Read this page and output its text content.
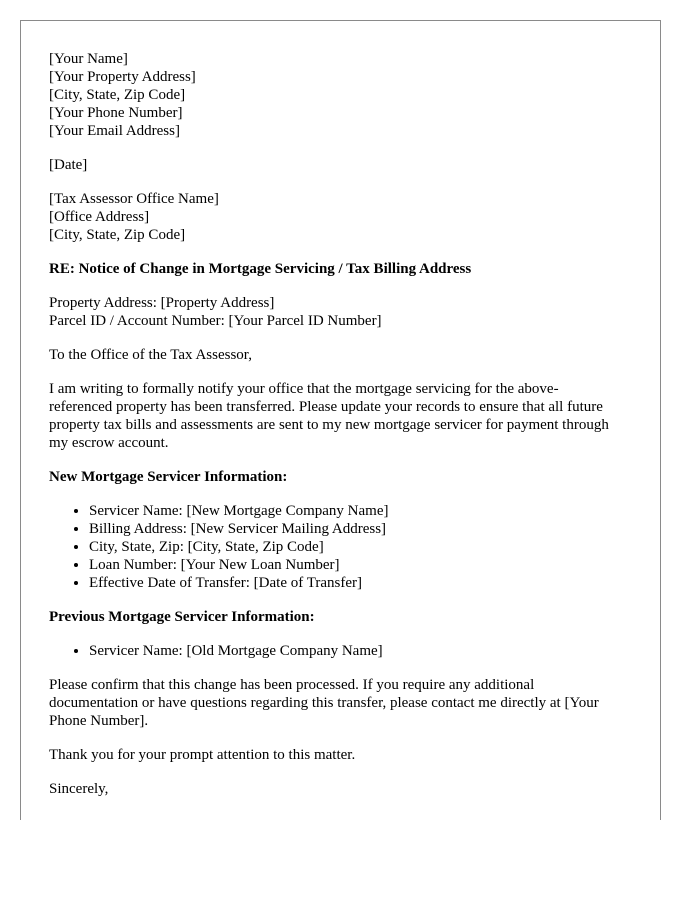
[Your Name]
[Your Property Address]
[City, State, Zip Code]
[Your Phone Number]
[Your Email Address]
[Date]
[Tax Assessor Office Name]
[Office Address]
[City, State, Zip Code]
RE: Notice of Change in Mortgage Servicing / Tax Billing Address
Property Address: [Property Address]
Parcel ID / Account Number: [Your Parcel ID Number]

To the Office of the Tax Assessor,

I am writing to formally notify your office that the mortgage servicing for the above-referenced property has been transferred. Please update your records to ensure that all future property tax bills and assessments are sent to my new mortgage servicer for payment through my escrow account.

New Mortgage Servicer Information:

• Servicer Name: [New Mortgage Company Name]
• Billing Address: [New Servicer Mailing Address]
• City, State, Zip: [City, State, Zip Code]
• Loan Number: [Your New Loan Number]
• Effective Date of Transfer: [Date of Transfer]

Previous Mortgage Servicer Information:

• Servicer Name: [Old Mortgage Company Name]

Please confirm that this change has been processed. If you require any additional documentation or have questions regarding this transfer, please contact me directly at [Your Phone Number].

Thank you for your prompt attention to this matter.

Sincerely,
